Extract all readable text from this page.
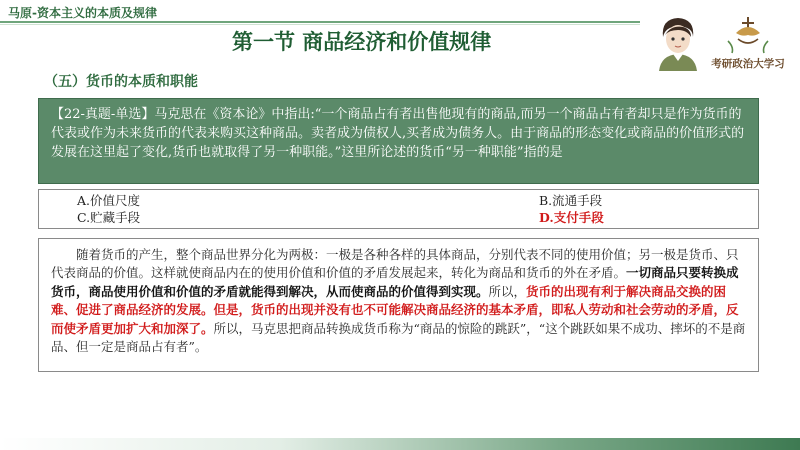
马原-资本主义的本质及规律
第一节 商品经济和价值规律
考研政治大学习
（五）货币的本质和职能
【22-真题-单选】马克思在《资本论》中指出:“一个商品占有者出售他现有的商品,而另一个商品占有者却只是作为货币的代表或作为未来货币的代表来购买这种商品。卖者成为债权人,买者成为债务人。由于商品的形态变化或商品的价值形式的发展在这里起了变化,货币也就取得了另一种职能。”这里所论述的货币“另一种职能”指的是
A.价值尺度	B.流通手段
C.贮藏手段	D.支付手段

随着货币的产生，整个商品世界分化为两极：一极是各种各样的具体商品，分别代表不同的使用价值；另一极是货币、只代表商品的价值。这样就使商品内在的使用价值和价值的矛盾发展起来，转化为商品和货币的外在矛盾。一切商品只要转换成货币，商品使用价值和价值的矛盾就能得到解决，从而使商品的价值得到实现。所以，货币的出现有利于解决商品交换的困难、促进了商品经济的发展。但是，货币的出现并没有也不可能解决商品经济的基本矛盾，即私人劳动和社会劳动的矛盾，反而使矛盾更加扩大和加深了。所以，马克思把商品转换成货币称为“商品的惊险的跳跃”，“这个跳跃如果不成功、摔坏的不是商品、但一定是商品占有者”。
